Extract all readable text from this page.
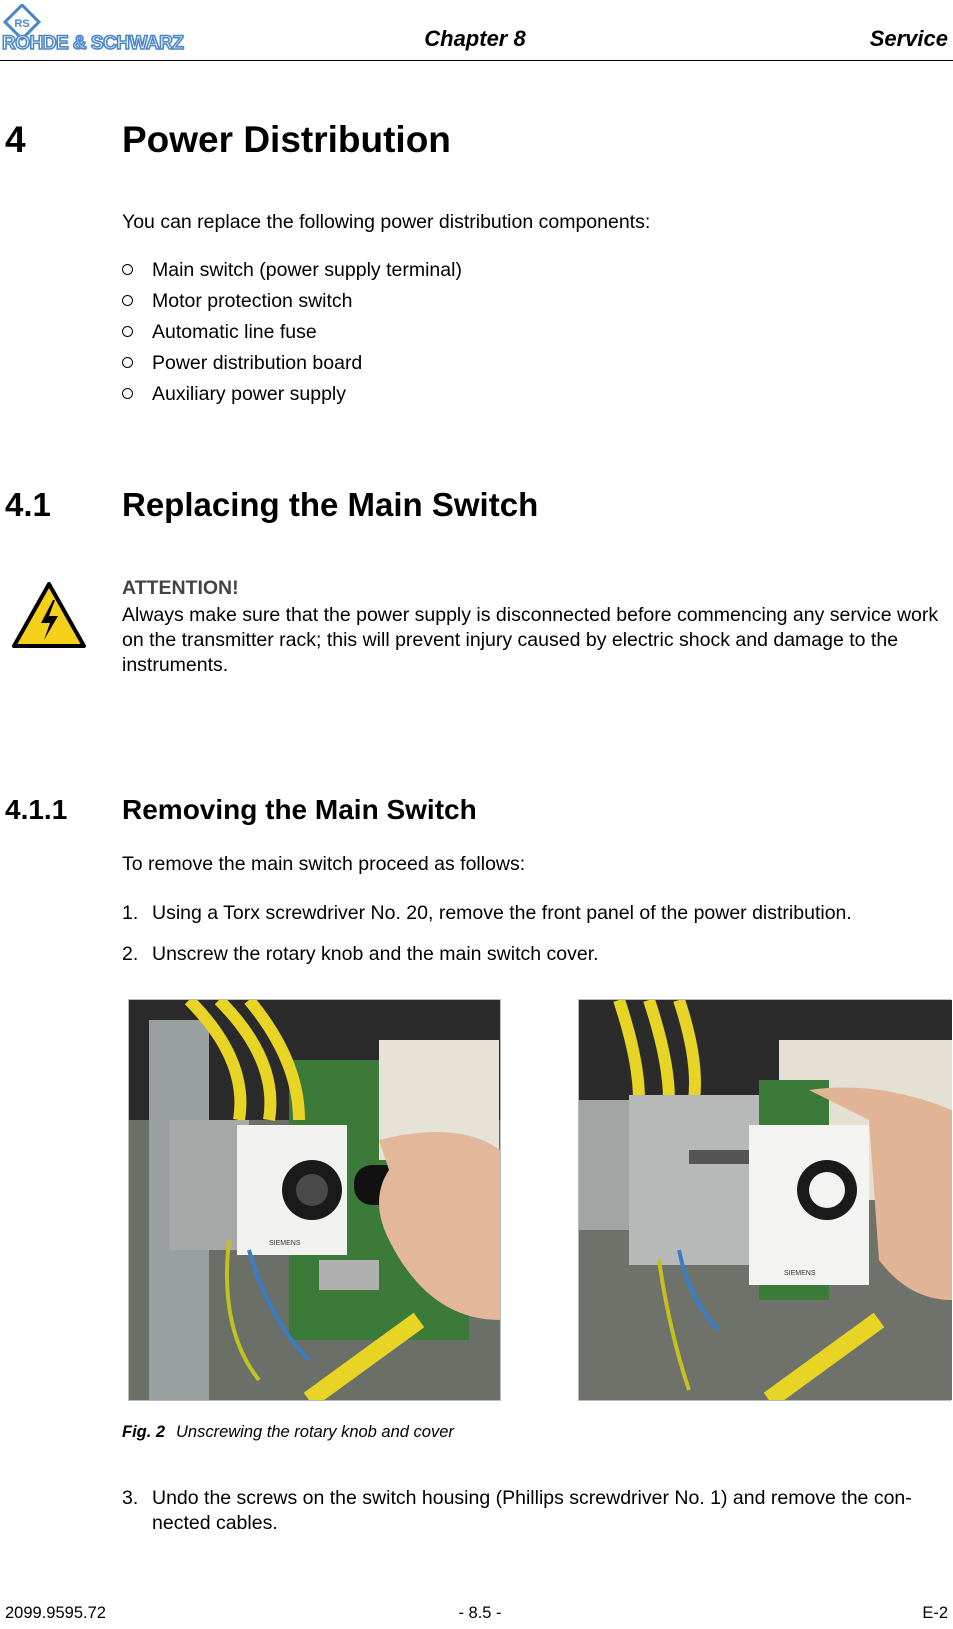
RS
ROHDE & SCHWARZ	Chapter 8	Service
4	Power Distribution
You can replace the following power distribution components:
Main switch (power supply terminal)
Motor protection switch
Automatic line fuse
Power distribution board
Auxiliary power supply
4.1 Replacing the Main Switch
ATTENTION!
Always make sure that the power supply is disconnected before commencing any service work on the transmitter rack; this will prevent injury caused by electric shock and damage to the instruments.
4.1.1 Removing the Main Switch
To remove the main switch proceed as follows:
1. Using a Torx screwdriver No. 20, remove the front panel of the power distribution.
2. Unscrew the rotary knob and the main switch cover.
SIEMENS
SIEMENS
Fig. 2 Unscrewing the rotary knob and cover
3. Undo the screws on the switch housing (Phillips screwdriver No. 1) and remove the con- nected cables.
2099.9595.72	- 8.5 -	E-2
